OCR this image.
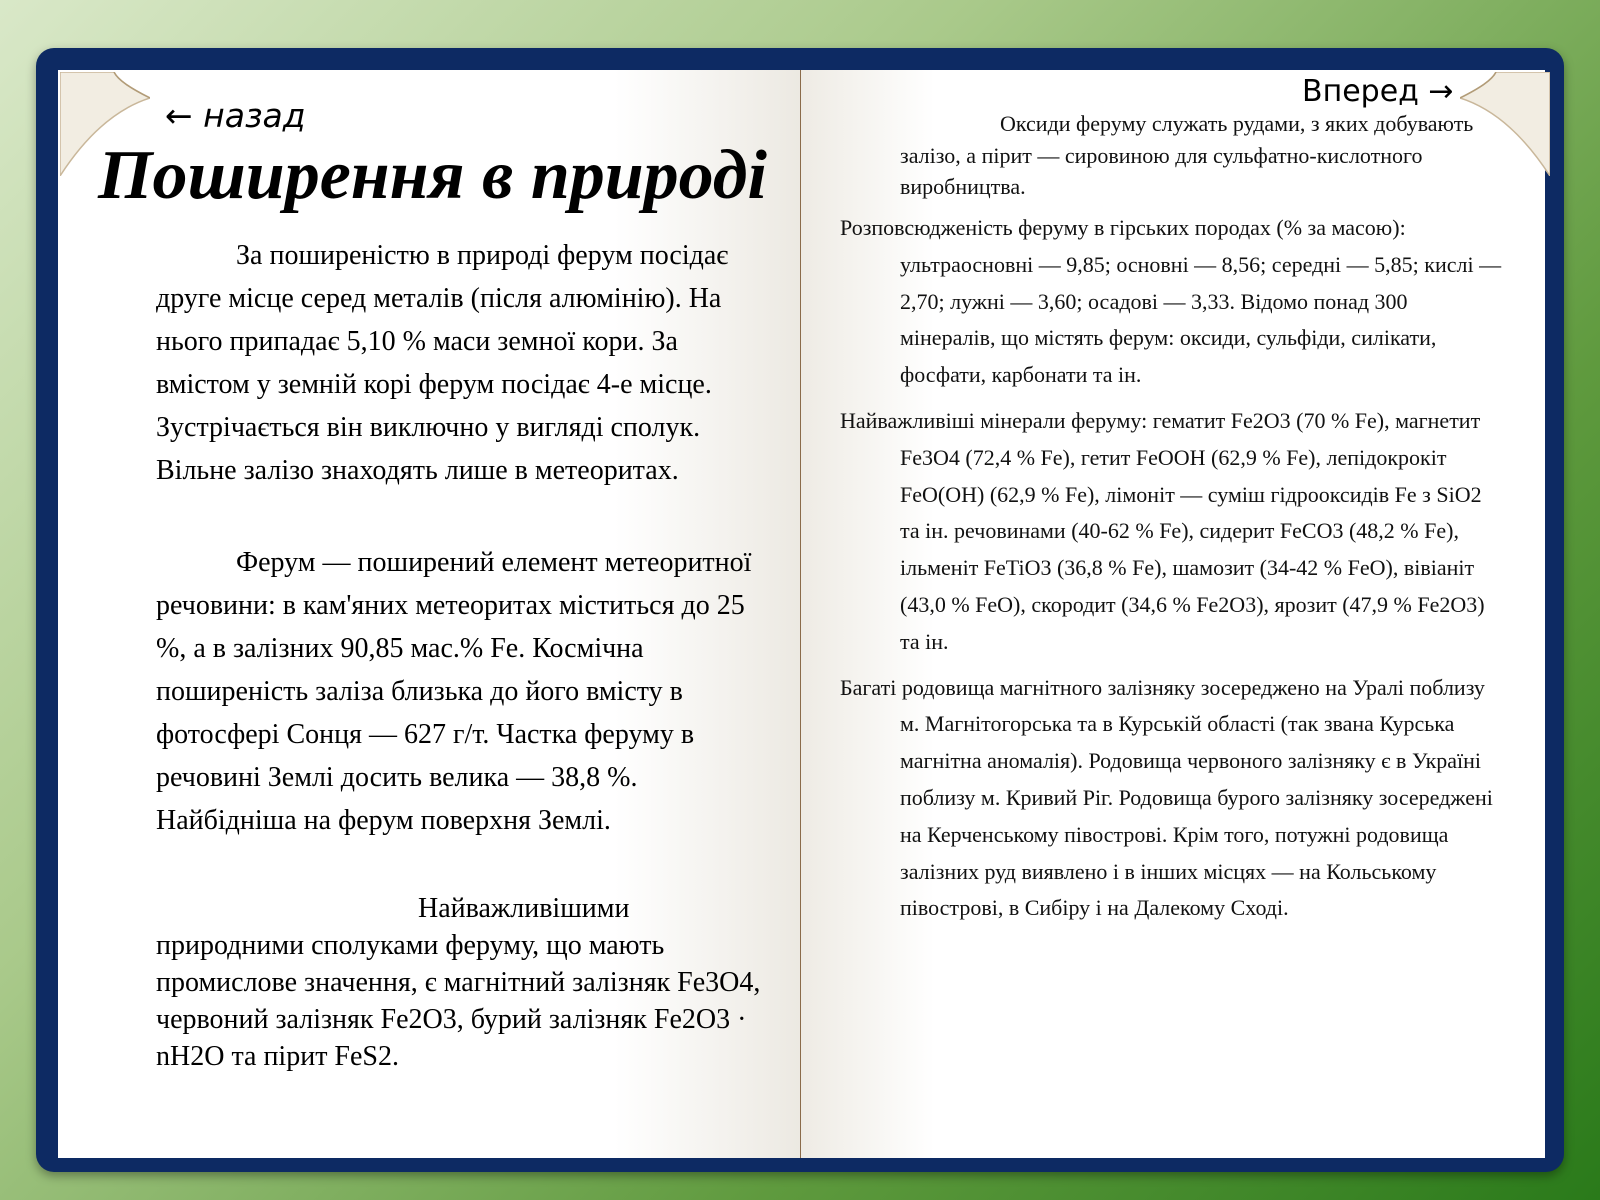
← назад
Вперед →
Поширення в природі

За поширеністю в природі ферум посідає друге місце серед металів (після алюмінію). На нього припадає 5,10 % маси земної кори. За вмістом у земній корі ферум посідає 4-е місце. Зустрічається він виключно у вигляді сполук. Вільне залізо знаходять лише в метеоритах.

Ферум — поширений елемент метеоритної речовини: в кам'яних метеоритах міститься до 25 %, а в залізних 90,85 мас.% Fe. Космічна поширеність заліза близька до його вмісту в фотосфері Сонця — 627 г/т. Частка феруму в речовині Землі досить велика — 38,8 %. Найбідніша на ферум поверхня Землі.

Найважливішими
природними сполуками феруму, що мають промислове значення, є магнітний залізняк Fe3O4, червоний залізняк Fe2O3, бурий залізняк Fe2O3 · nH2O та пірит FeS2.

Оксиди феруму служать рудами, з яких добувають залізо, а пірит — сировиною для сульфатно-кислотного виробництва.

Розповсюдженість феруму в гірських породах (% за масою): ультраосновні — 9,85; основні — 8,56; середні — 5,85; кислі — 2,70; лужні — 3,60; осадові — 3,33. Відомо понад 300 мінералів, що містять ферум: оксиди, сульфіди, силікати, фосфати, карбонати та ін.

Найважливіші мінерали феруму: гематит Fe2O3 (70 % Fe), магнетит Fe3O4 (72,4 % Fe), гетит FeOOH (62,9 % Fe), лепідокрокіт FeO(OH) (62,9 % Fe), лімоніт — суміш гідрооксидів Fe з SiO2 та ін. речовинами (40-62 % Fe), сидерит FeCO3 (48,2 % Fe), ільменіт FeTiO3 (36,8 % Fe), шамозит (34-42 % FeO), вівіаніт (43,0 % FeO), скородит (34,6 % Fe2O3), ярозит (47,9 % Fe2O3) та ін.

Багаті родовища магнітного залізняку зосереджено на Уралі поблизу м. Магнітогорська та в Курській області (так звана Курська магнітна аномалія). Родовища червоного залізняку є в Україні поблизу м. Кривий Ріг. Родовища бурого залізняку зосереджені на Керченському півострові. Крім того, потужні родовища залізних руд виявлено і в інших місцях — на Кольському півострові, в Сибіру і на Далекому Сході.
